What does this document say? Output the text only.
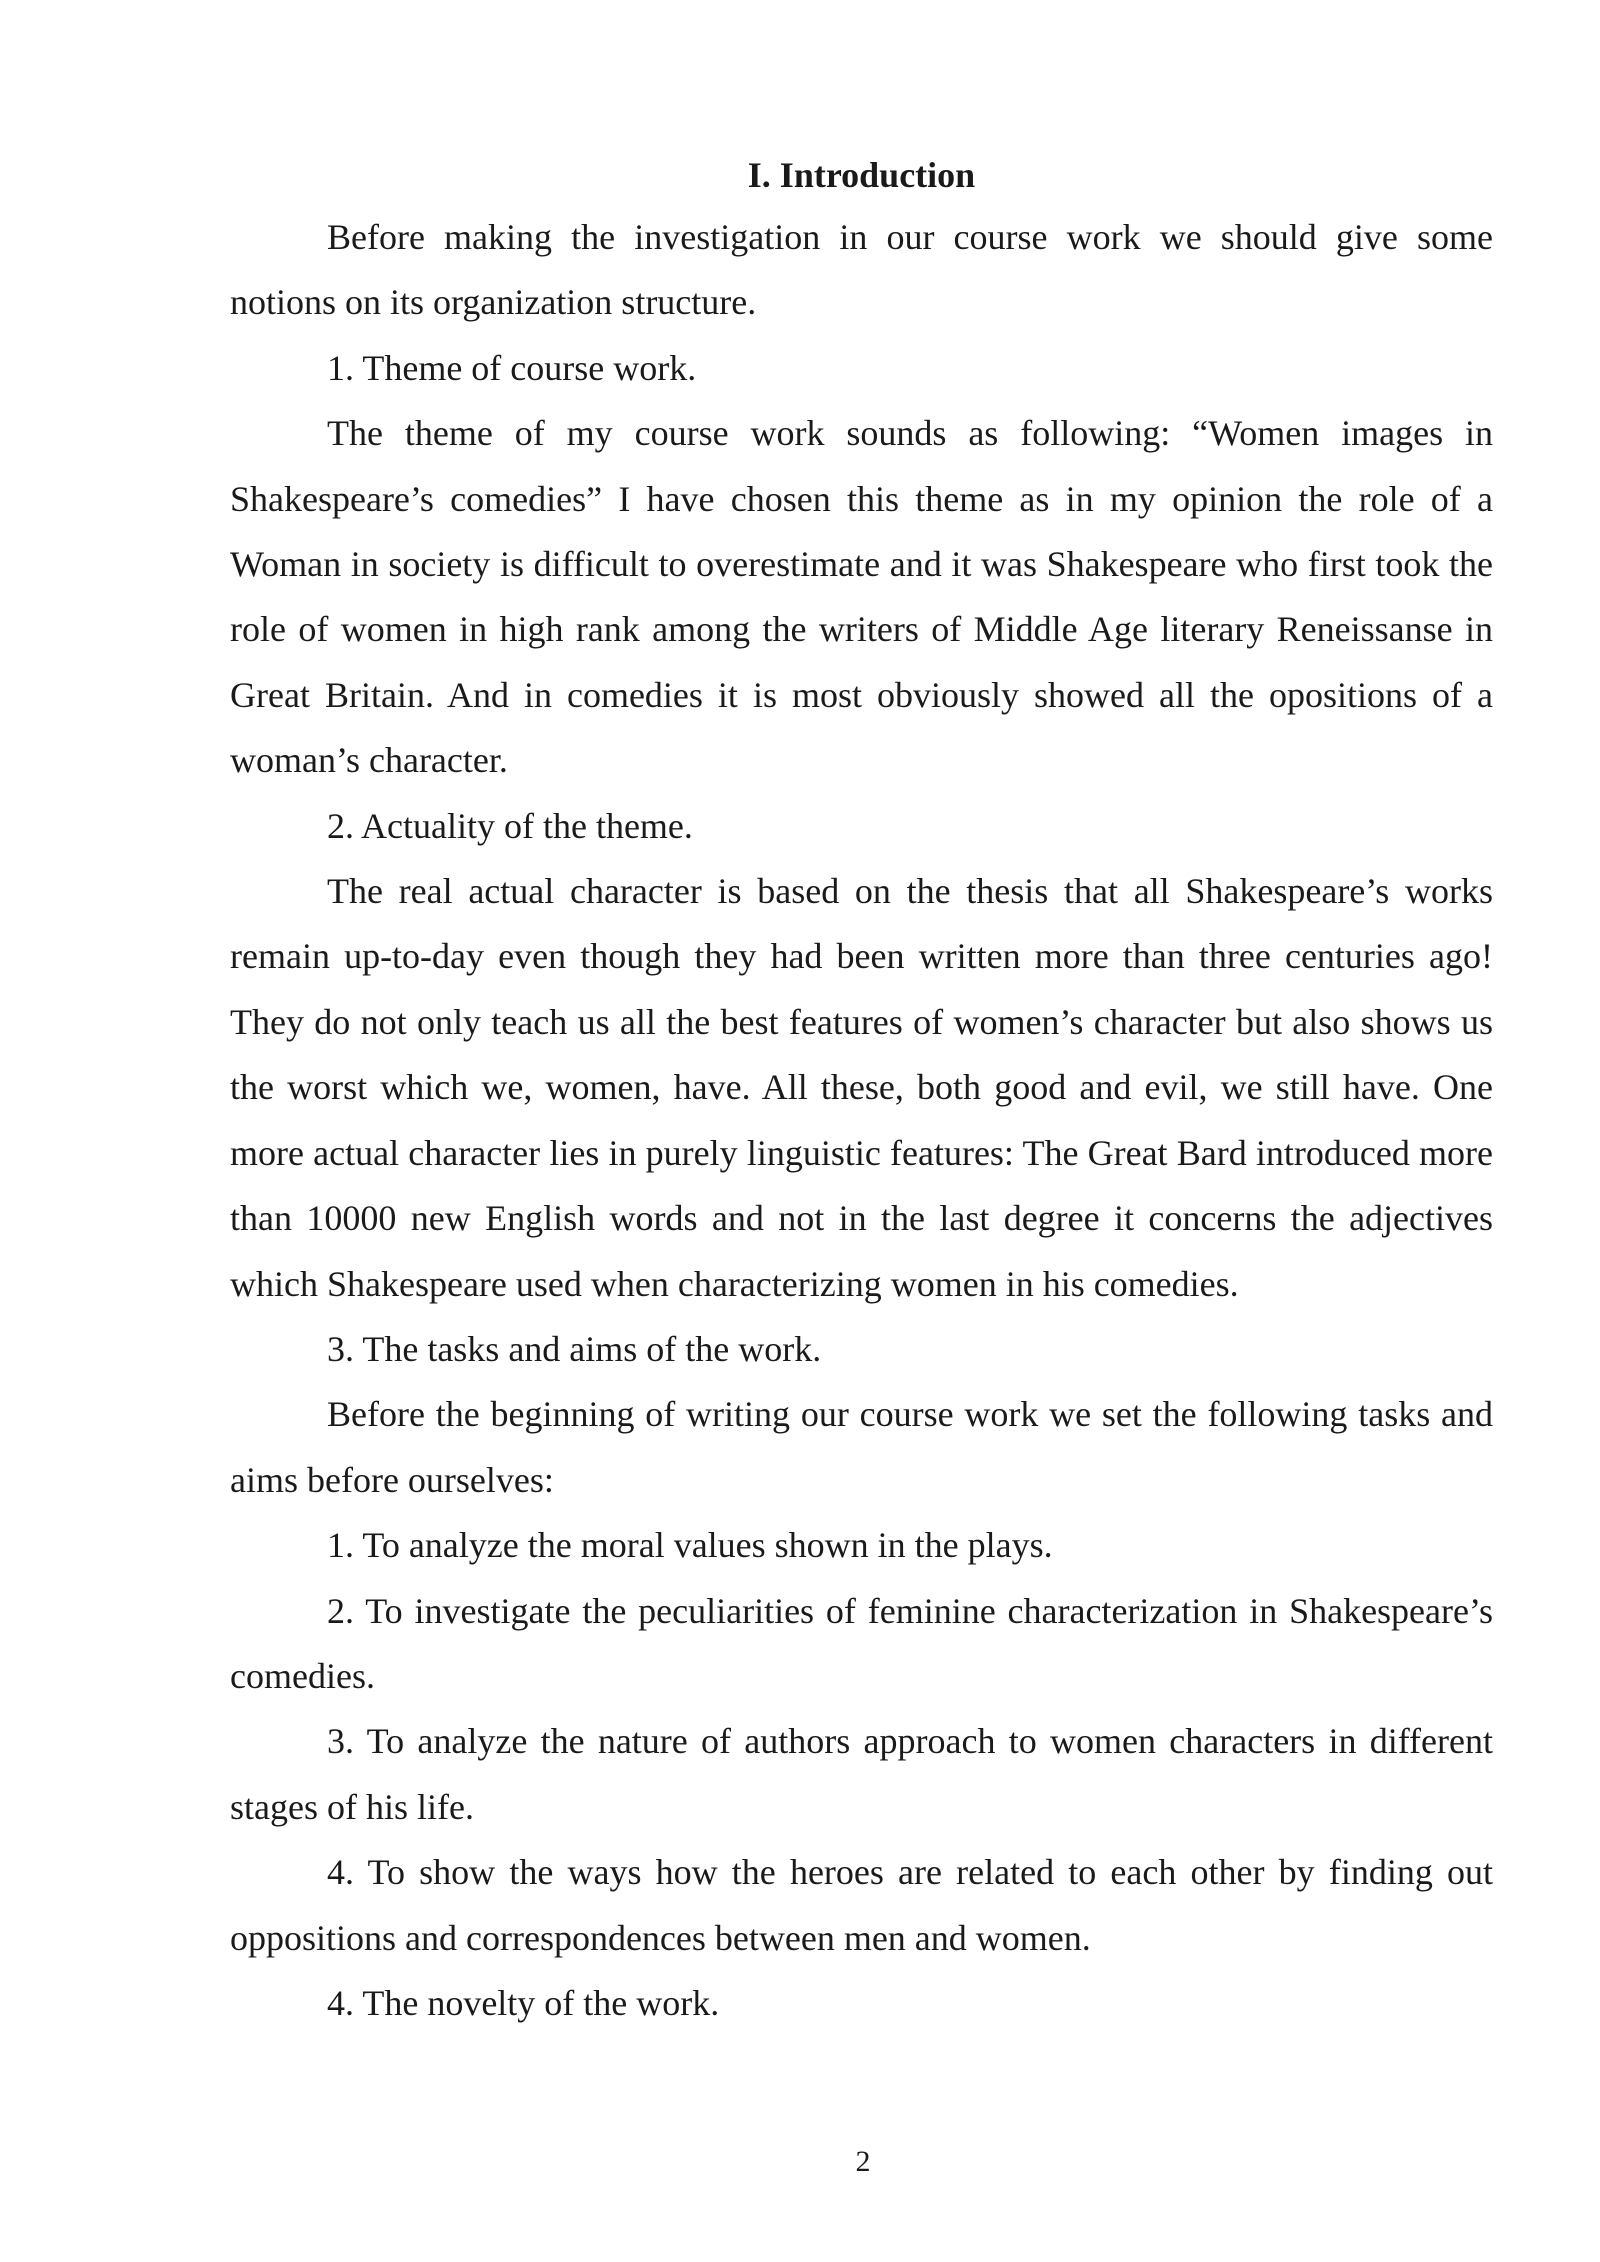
I. Introduction

Before making the investigation in our course work we should give some notions on its organization structure.

1. Theme of course work.

The theme of my course work sounds as following: “Women images in Shakespeare’s comedies” I have chosen this theme as in my opinion the role of a Woman in society is difficult to overestimate and it was Shakespeare who first took the role of women in high rank among the writers of Middle Age literary Reneissanse in Great Britain. And in comedies it is most obviously showed all the opositions of a woman’s character.

2. Actuality of the theme.

The real actual character is based on the thesis that all Shakespeare’s works remain up-to-day even though they had been written more than three centuries ago! They do not only teach us all the best features of women’s character but also shows us the worst which we, women, have. All these, both good and evil, we still have. One more actual character lies in purely linguistic features: The Great Bard introduced more than 10000 new English words and not in the last degree it concerns the adjectives which Shakespeare used when characterizing women in his comedies.

3. The tasks and aims of the work.

Before the beginning of writing our course work we set the following tasks and aims before ourselves:

1. To analyze the moral values shown in the plays.

2. To investigate the peculiarities of feminine characterization in Shakespeare’s comedies.

3. To analyze the nature of authors approach to women characters in different stages of his life.

4. To show the ways how the heroes are related to each other by finding out oppositions and correspondences between men and women.

4. The novelty of the work.

2
